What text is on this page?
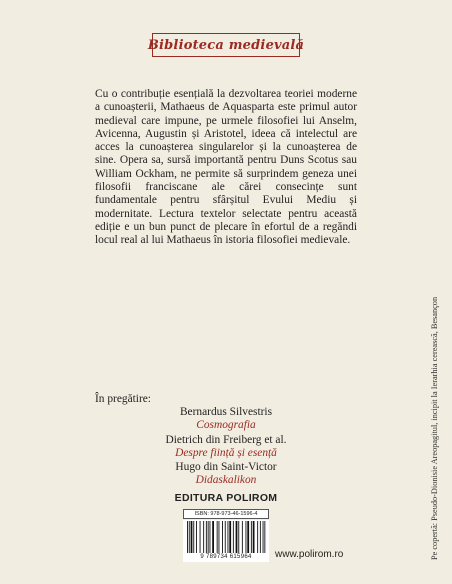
Biblioteca medievală
Cu o contribuție esențială la dezvoltarea teoriei moderne a cunoașterii, Mathaeus de Aquasparta este primul autor medieval care impune, pe urmele filosofiei lui Anselm, Avicenna, Augustin și Aristotel, ideea că intelectul are acces la cunoașterea singularelor și la cunoașterea de sine. Opera sa, sursă importantă pentru Duns Scotus sau William Ockham, ne permite să surprindem geneza unei filosofii franciscane ale cărei consecințe sunt fundamentale pentru sfârșitul Evului Mediu și modernitate. Lectura textelor selectate pentru această ediție e un bun punct de plecare în efortul de a regăndi locul real al lui Mathaeus în istoria filosofiei medievale.
În pregătire:
Bernardus Silvestris
Cosmografia
Dietrich din Freiberg et al.
Despre ființă și esență
Hugo din Saint-Victor
Didaskalikon
EDITURA POLIROM
ISBN: 978-973-46-1596-4
9 789734 615964	www.polirom.ro	Pe copertă: Pseudo-Dionisie Areopagitul, incipit la Ierarhia cerească, Besançon
